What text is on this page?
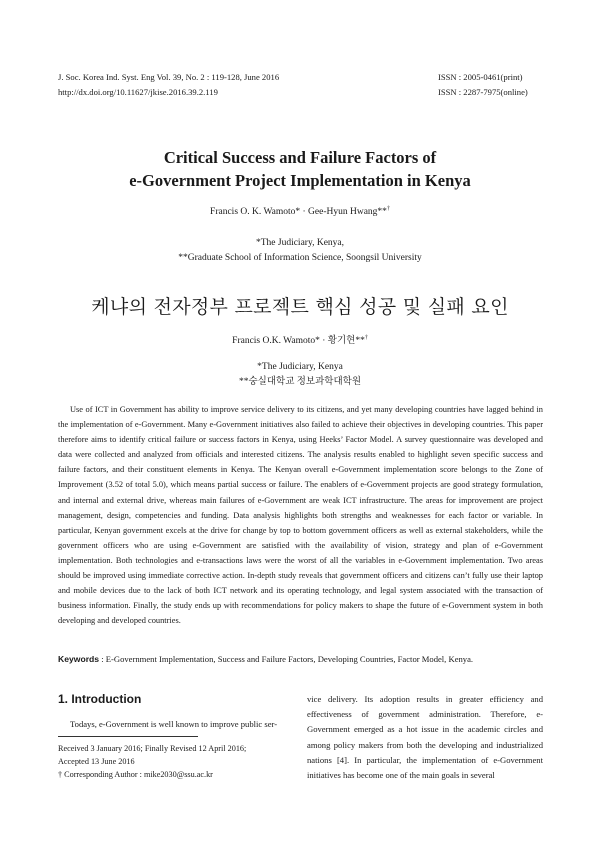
J. Soc. Korea Ind. Syst. Eng Vol. 39, No. 2 : 119-128, June 2016
http://dx.doi.org/10.11627/jkise.2016.39.2.119
ISSN : 2005-0461(print)
ISSN : 2287-7975(online)
Critical Success and Failure Factors of
e-Government Project Implementation in Kenya
Francis O. K. Wamoto* · Gee-Hyun Hwang**†
*The Judiciary, Kenya,
**Graduate School of Information Science, Soongsil University
케냐의 전자정부 프로젝트 핵심 성공 및 실패 요인
Francis O.K. Wamoto* · 황기현**†
*The Judiciary, Kenya
**숭실대학교 정보과학대학원

Use of ICT in Government has ability to improve service delivery to its citizens, and yet many developing countries have lagged behind in the implementation of e-Government. Many e-Government initiatives also failed to achieve their objectives in developing countries. This paper therefore aims to identify critical failure or success factors in Kenya, using Heeks’ Factor Model. A survey questionnaire was developed and data were collected and analyzed from officials and interested citizens. The analysis results enabled to highlight seven specific success and failure factors, and their constituent elements in Kenya. The Kenyan overall e-Government implementation score belongs to the Zone of Improvement (3.52 of total 5.0), which means partial success or failure. The enablers of e-Government projects are good strategy formulation, and internal and external drive, whereas main failures of e-Government are weak ICT infrastructure. The areas for improvement are project management, design, competencies and funding. Data analysis highlights both strengths and weaknesses for each factor or variable. In particular, Kenyan government excels at the drive for change by top to bottom government officers as well as external stakeholders, while the government officers who are using e-Government are satisfied with the availability of vision, strategy and plan of e-Government implementation. Both technologies and e-transactions laws were the worst of all the variables in e-Government implementation. Two areas should be improved using immediate corrective action. In-depth study reveals that government officers and citizens can’t fully use their laptop and mobile devices due to the lack of both ICT network and its operating technology, and legal system associated with the transaction of business information. Finally, the study ends up with recommendations for policy makers to shape the future of e-Government system in both developing and developed countries.

Keywords : E-Government Implementation, Success and Failure Factors, Developing Countries, Factor Model, Kenya.
1. Introduction

Todays, e-Government is well known to improve public ser-

Received 3 January 2016; Finally Revised 12 April 2016;
Accepted 13 June 2016
† Corresponding Author : mike2030@ssu.ac.kr

vice delivery. Its adoption results in greater efficiency and effectiveness of government administration. Therefore, e-Government emerged as a hot issue in the academic circles and among policy makers from both the developing and industrialized nations [4]. In particular, the implementation of e-Government initiatives has become one of the main goals in several
